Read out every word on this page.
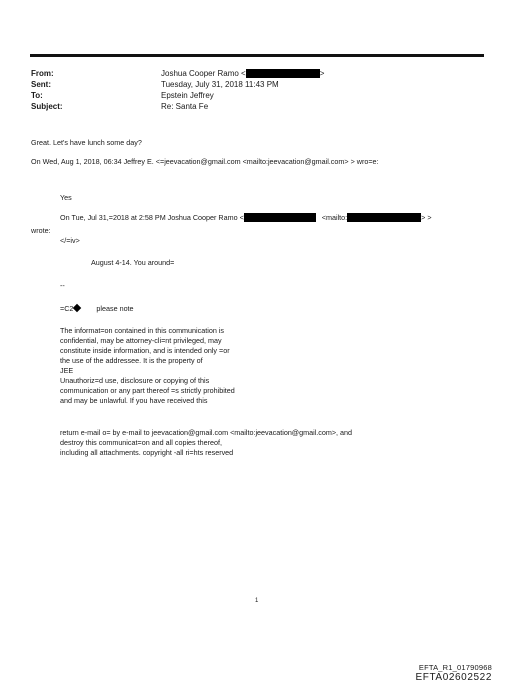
From:	Joshua Cooper Ramo <	>
Sent:	Tuesday, July 31, 2018 11:43 PM
To:	Epstein Jeffrey
Subject:	Re: Santa Fe
Great. Let's have lunch some day?
On Wed, Aug 1, 2018, 06:34 Jeffrey E. <=jeevacation@gmail.com <mailto:jeevacation@gmail.com> > wro=e:
Yes
On Tue, Jul 31,=2018 at 2:58 PM Joshua Cooper Ramo <	<mailto:	> >
wrote:
</=iv>
August 4-14. You around=
--
=C2	please note
The informat=on contained in this communication is
confidential, may be attorney-cli=nt privileged, may
constitute inside information, and is intended only =or
the use of the addressee. It is the property of
JEE
Unauthoriz=d use, disclosure or copying of this
communication or any part thereof =s strictly prohibited
and may be unlawful. If you have received this
return e-mail o= by e-mail to jeevacation@gmail.com <mailto:jeevacation@gmail.com>, and
destroy this communicat=on and all copies thereof,
including all attachments. copyright -all ri=hts reserved
1
EFTA_R1_01790968
EFTA02602522
